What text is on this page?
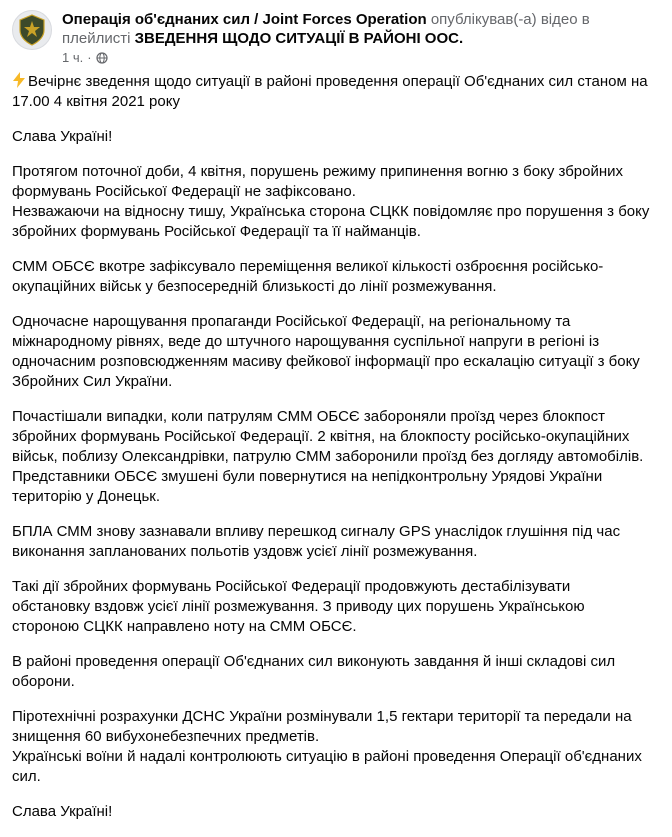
Операція об'єднаних сил / Joint Forces Operation опублікував(-а) відео в плейлисті ЗВЕДЕННЯ ЩОДО СИТУАЦІЇ В РАЙОНІ ООС.
1 ч. ·

Вечірнє зведення щодо ситуації в районі проведення операції Об'єднаних сил станом на 17.00 4 квітня 2021 року

Слава Україні!

Протягом поточної доби, 4 квітня, порушень режиму припинення вогню з боку збройних формувань Російської Федерації не зафіксовано.

Незважаючи на відносну тишу, Українська сторона СЦКК повідомляє про порушення з боку збройних формувань Російської Федерації та її найманців.

СММ ОБСЄ вкотре зафіксувало переміщення великої кількості озброєння російсько-окупаційних військ у безпосередній близькості до лінії розмежування.

Одночасне нарощування пропаганди Російської Федерації, на регіональному та міжнародному рівнях, веде до штучного нарощування суспільної напруги в регіоні із одночасним розповсюдженням масиву фейкової інформації про ескалацію ситуації з боку Збройних Сил України.

Почастішали випадки, коли патрулям СММ ОБСЄ забороняли проїзд через блокпост збройних формувань Російської Федерації. 2 квітня, на блокпосту російсько-окупаційних військ, поблизу Олександрівки, патрулю СММ заборонили проїзд без догляду автомобілів. Представники ОБСЄ змушені були повернутися на непідконтрольну Урядові України територію у Донецьк.

БПЛА СММ знову зазнавали впливу перешкод сигналу GPS унаслідок глушіння під час виконання запланованих польотів уздовж усієї лінії розмежування.

Такі дії збройних формувань Російської Федерації продовжують дестабілізувати обстановку вздовж усієї лінії розмежування. З приводу цих порушень Українською стороною СЦКК направлено ноту на СММ ОБСЄ.

В районі проведення операції Об'єднаних сил виконують завдання й інші складові сил оборони.

Піротехнічні розрахунки ДСНС України розмінували 1,5 гектари території та передали на знищення 60 вибухонебезпечних предметів.

Українські воїни й надалі контролюють ситуацію в районі проведення Операції об'єднаних сил.

Слава Україні!
